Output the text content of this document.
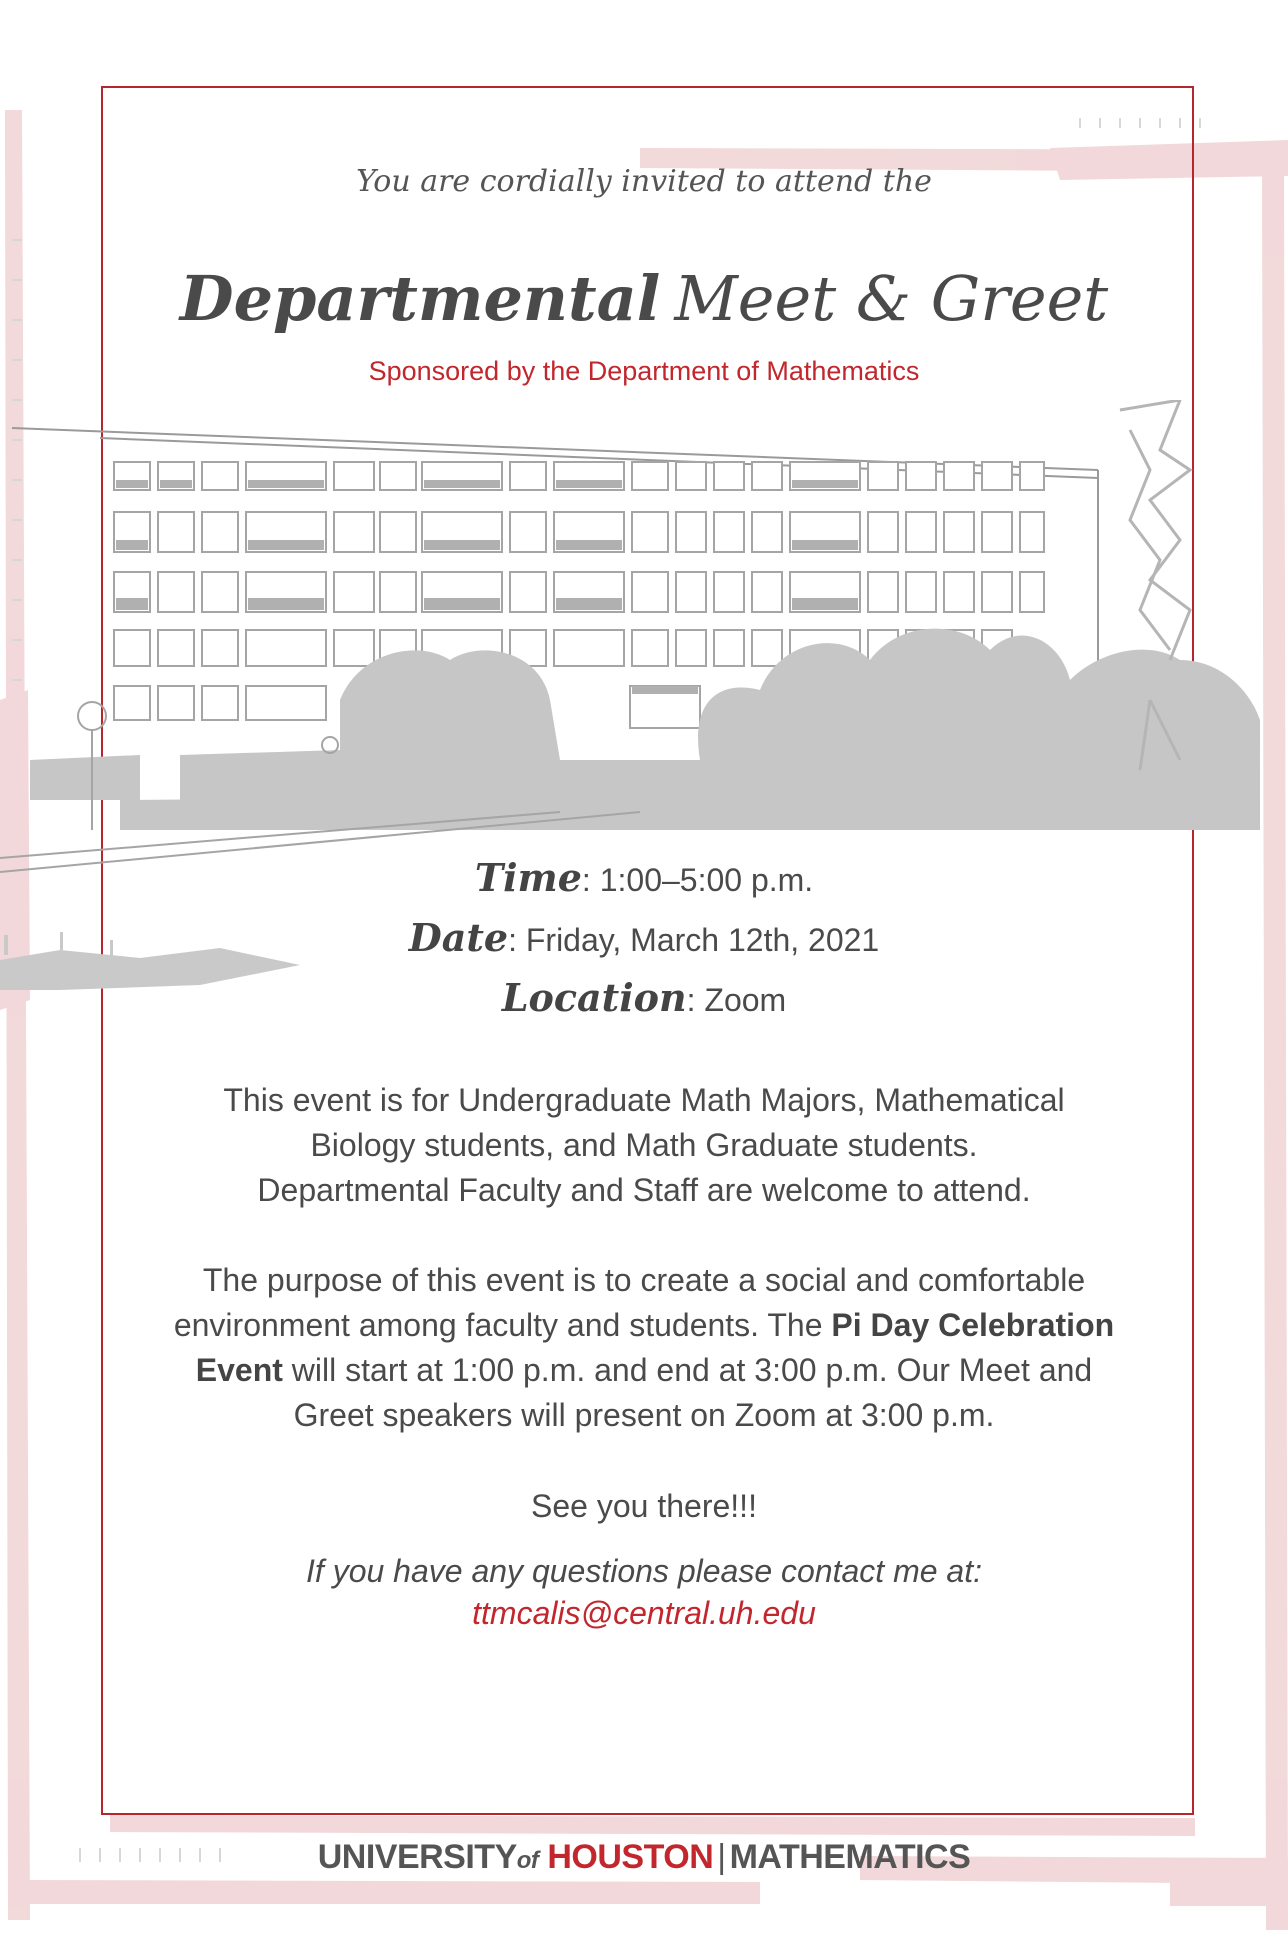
You are cordially invited to attend the
Departmental Meet & Greet
Sponsored by the Department of Mathematics
Time: 1:00–5:00 p.m.
Date: Friday, March 12th, 2021
Location: Zoom
This event is for Undergraduate Math Majors, Mathematical
Biology students, and Math Graduate students.
Departmental Faculty and Staff are welcome to attend.
The purpose of this event is to create a social and comfortable
environment among faculty and students. The Pi Day Celebration
Event will start at 1:00 p.m. and end at 3:00 p.m. Our Meet and
Greet speakers will present on Zoom at 3:00 p.m.
See you there!!!
If you have any questions please contact me at:
ttmcalis@central.uh.edu
UNIVERSITYof HOUSTON | MATHEMATICS
